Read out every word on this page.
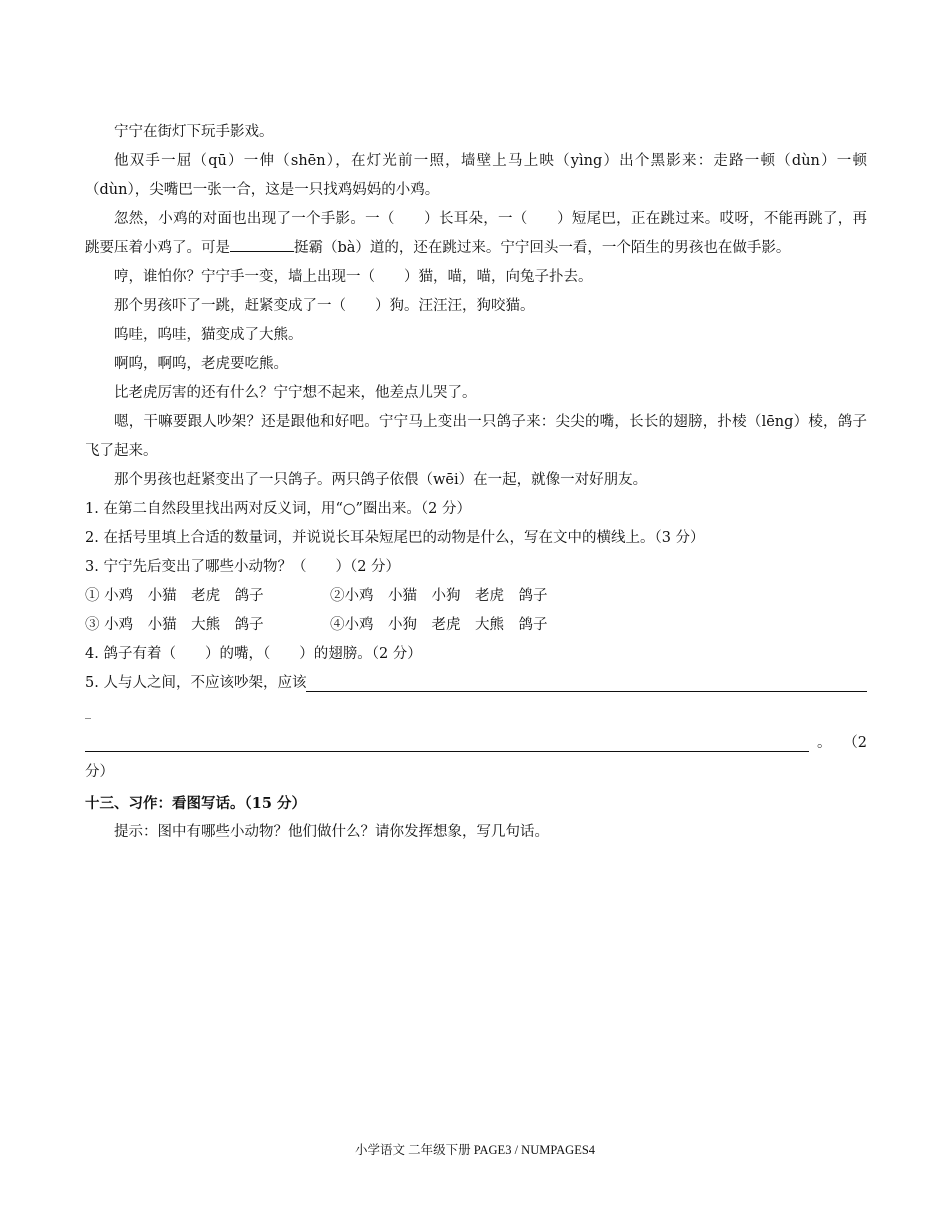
宁宁在街灯下玩手影戏。

他双手一屈（qū）一伸（shēn），在灯光前一照，墙壁上马上映（yìng）出个黑影来：走路一顿（dùn）一顿（dùn），尖嘴巴一张一合，这是一只找鸡妈妈的小鸡。

忽然，小鸡的对面也出现了一个手影。一（　　）长耳朵，一（　　）短尾巴，正在跳过来。哎呀，不能再跳了，再跳要压着小鸡了。可是	挺霸（bà）道的，还在跳过来。宁宁回头一看，一个陌生的男孩也在做手影。

哼，谁怕你？宁宁手一变，墙上出现一（　　）猫，喵，喵，向兔子扑去。

那个男孩吓了一跳，赶紧变成了一（　　）狗。汪汪汪，狗咬猫。

呜哇，呜哇，猫变成了大熊。

啊呜，啊呜，老虎要吃熊。

比老虎厉害的还有什么？宁宁想不起来，他差点儿哭了。

嗯，干嘛要跟人吵架？还是跟他和好吧。宁宁马上变出一只鸽子来：尖尖的嘴，长长的翅膀，扑棱（lēng）棱，鸽子飞了起来。

那个男孩也赶紧变出了一只鸽子。两只鸽子依偎（wēi）在一起，就像一对好朋友。

1. 在第二自然段里找出两对反义词，用“○”圈出来。（2 分）

2. 在括号里填上合适的数量词，并说说长耳朵短尾巴的动物是什么，写在文中的横线上。（3 分）

3. 宁宁先后变出了哪些小动物？（　　）（2 分）

① 小鸡　小猫　老虎　鸽子	②小鸡　小猫　小狗　老虎　鸽子
③ 小鸡　小猫　大熊　鸽子	④小鸡　小狗　老虎　大熊　鸽子

4. 鸽子有着（　　）的嘴，（　　）的翅膀。（2 分）

5. 人与人之间，不应该吵架，应该
_
。 （2

分）

十三、习作：看图写话。（15 分）

提示：图中有哪些小动物？他们做什么？请你发挥想象，写几句话。

小学语文 二年级下册 PAGE3 / NUMPAGES4
